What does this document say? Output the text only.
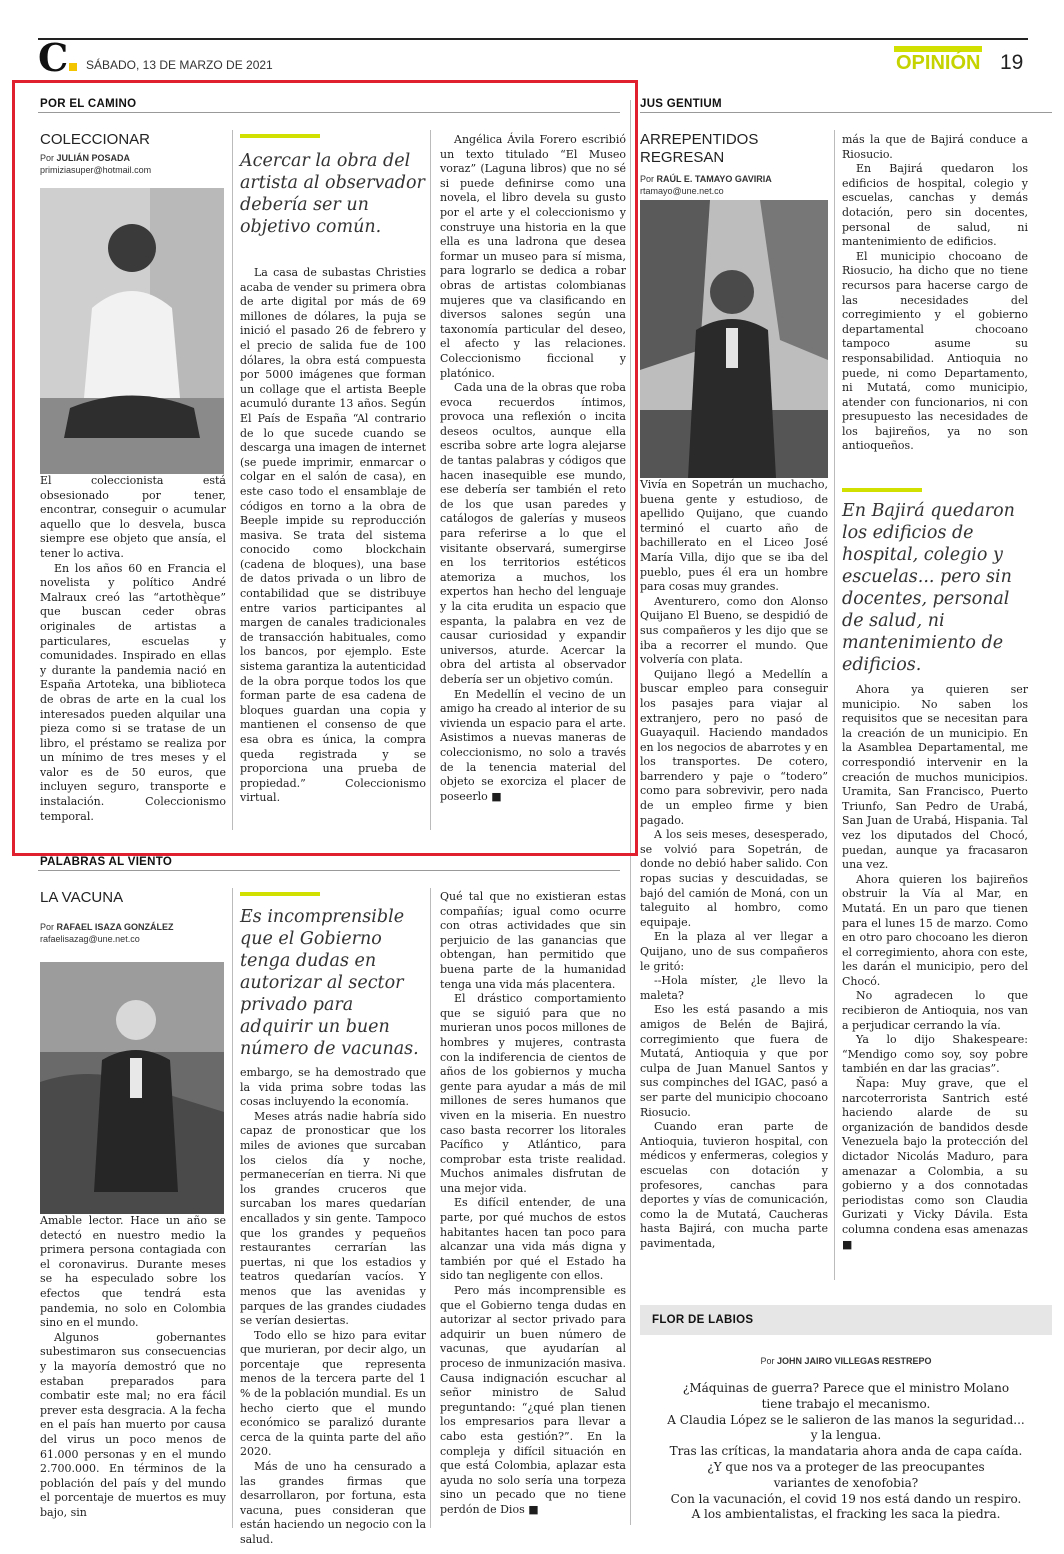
C	SÁBADO, 13 DE MARZO DE 2021	OPINIÓN 19
POR EL CAMINO
COLECCIONAR
Por JULIÁN POSADA
primiziasuper@hotmail.com

El coleccionista está obsesionado por tener, encontrar, conseguir o acumular aquello que lo desvela, busca siempre ese objeto que ansía, el tener lo activa.

En los años 60 en Francia el novelista y político André Malraux creó las “artothèque” que buscan ceder obras originales de artistas a particulares, escuelas y comunidades. Inspirado en ellas y durante la pandemia nació en España Artoteka, una biblioteca de obras de arte en la cual los interesados pueden alquilar una pieza como si se tratase de un libro, el préstamo se realiza por un mínimo de tres meses y el valor es de 50 euros, que incluyen seguro, transporte e instalación. Coleccionismo temporal.

Acercar la obra del artista al observador debería ser un objetivo común.

La casa de subastas Christies acaba de vender su primera obra de arte digital por más de 69 millones de dólares, la puja se inició el pasado 26 de febrero y el precio de salida fue de 100 dólares, la obra está compuesta por 5000 imágenes que forman un collage que el artista Beeple acumuló durante 13 años. Según El País de España “Al contrario de lo que sucede cuando se descarga una imagen de internet (se puede imprimir, enmarcar o colgar en el salón de casa), en este caso todo el ensamblaje de códigos en torno a la obra de Beeple impide su reproducción masiva. Se trata del sistema conocido como blockchain (cadena de bloques), una base de datos privada o un libro de contabilidad que se distribuye entre varios participantes al margen de canales tradicionales de transacción habituales, como los bancos, por ejemplo. Este sistema garantiza la autenticidad de la obra porque todos los que forman parte de esa cadena de bloques guardan una copia y mantienen el consenso de que esa obra es única, la compra queda registrada y se proporciona una prueba de propiedad.” Coleccionismo virtual.

Angélica Ávila Forero escribió un texto titulado “El Museo voraz” (Laguna libros) que no sé si puede definirse como una novela, el libro devela su gusto por el arte y el coleccionismo y construye una historia en la que ella es una ladrona que desea formar un museo para sí misma, para lograrlo se dedica a robar obras de artistas colombianas mujeres que va clasificando en diversos salones según una taxonomía particular del deseo, el afecto y las relaciones. Coleccionismo ficcional y platónico.

Cada una de la obras que roba evoca recuerdos íntimos, provoca una reflexión o incita deseos ocultos, aunque ella escriba sobre arte logra alejarse de tantas palabras y códigos que hacen inasequible ese mundo, ese debería ser también el reto de los que usan paredes y catálogos de galerías y museos para referirse a lo que el visitante observará, sumergirse en los territorios estéticos atemoriza a muchos, los expertos han hecho del lenguaje y la cita erudita un espacio que espanta, la palabra en vez de causar curiosidad y expandir universos, aturde. Acercar la obra del artista al observador debería ser un objetivo común.

En Medellín el vecino de un amigo ha creado al interior de su vivienda un espacio para el arte. Asistimos a nuevas maneras de coleccionismo, no solo a través de la tenencia material del objeto se exorciza el placer de poseerlo ■

PALABRAS AL VIENTO
LA VACUNA
Por RAFAEL ISAZA GONZÁLEZ
rafaelisazag@une.net.co

Amable lector. Hace un año se detectó en nuestro medio la primera persona contagiada con el coronavirus. Durante meses se ha especulado sobre los efectos que tendrá esta pandemia, no solo en Colombia sino en el mundo.

Algunos gobernantes subestimaron sus consecuencias y la mayoría demostró que no estaban preparados para combatir este mal; no era fácil prever esta desgracia. A la fecha en el país han muerto por causa del virus un poco menos de 61.000 personas y en el mundo 2.700.000. En términos de la población del país y del mundo el porcentaje de muertos es muy bajo, sin

Es incomprensible que el Gobierno tenga dudas en autorizar al sector privado para adquirir un buen número de vacunas.

embargo, se ha demostrado que la vida prima sobre todas las cosas incluyendo la economía.

Meses atrás nadie habría sido capaz de pronosticar que los miles de aviones que surcaban los cielos día y noche, permanecerían en tierra. Ni que los grandes cruceros que surcaban los mares quedarían encallados y sin gente. Tampoco que los grandes y pequeños restaurantes cerrarían las puertas, ni que los estadios y teatros quedarían vacíos. Y menos que las avenidas y parques de las grandes ciudades se verían desiertas.

Todo ello se hizo para evitar que murieran, por decir algo, un porcentaje que representa menos de la tercera parte del 1 % de la población mundial. Es un hecho cierto que el mundo económico se paralizó durante cerca de la quinta parte del año 2020.

Más de uno ha censurado a las grandes firmas que desarrollaron, por fortuna, esta vacuna, pues consideran que están haciendo un negocio con la salud.

Qué tal que no existieran estas compañías; igual como ocurre con otras actividades que sin perjuicio de las ganancias que obtengan, han permitido que buena parte de la humanidad tenga una vida más placentera.

El drástico comportamiento que se siguió para que no murieran unos pocos millones de hombres y mujeres, contrasta con la indiferencia de cientos de años de los gobiernos y mucha gente para ayudar a más de mil millones de seres humanos que viven en la miseria. En nuestro caso basta recorrer los litorales Pacífico y Atlántico, para comprobar esta triste realidad. Muchos animales disfrutan de una mejor vida.

Es difícil entender, de una parte, por qué muchos de estos habitantes hacen tan poco para alcanzar una vida más digna y también por qué el Estado ha sido tan negligente con ellos.

Pero más incomprensible es que el Gobierno tenga dudas en autorizar al sector privado para adquirir un buen número de vacunas, que ayudarían al proceso de inmunización masiva. Causa indignación escuchar al señor ministro de Salud preguntando: “¿qué plan tienen los empresarios para llevar a cabo esta gestión?”. En la compleja y difícil situación en que está Colombia, aplazar esta ayuda no solo sería una torpeza sino un pecado que no tiene perdón de Dios ■

JUS GENTIUM
ARREPENTIDOS
REGRESAN
Por RAÚL E. TAMAYO GAVIRIA
rtamayo@une.net.co

Vivía en Sopetrán un muchacho, buena gente y estudioso, de apellido Quijano, que cuando terminó el cuarto año de bachillerato en el Liceo José María Villa, dijo que se iba del pueblo, pues él era un hombre para cosas muy grandes.

Aventurero, como don Alonso Quijano El Bueno, se despidió de sus compañeros y les dijo que se iba a recorrer el mundo. Que volvería con plata.

Quijano llegó a Medellín a buscar empleo para conseguir los pasajes para viajar al extranjero, pero no pasó de Guayaquil. Haciendo mandados en los negocios de abarrotes y en los transportes. De cotero, barrendero y paje o “todero” como para sobrevivir, pero nada de un empleo firme y bien pagado.

A los seis meses, desesperado, se volvió para Sopetrán, de donde no debió haber salido. Con ropas sucias y descuidadas, se bajó del camión de Moná, con un taleguito al hombro, como equipaje.

En la plaza al ver llegar a Quijano, uno de sus compañeros le gritó:

--Hola míster, ¿le llevo la maleta?

Eso les está pasando a mis amigos de Belén de Bajirá, corregimiento que fuera de Mutatá, Antioquia y que por culpa de Juan Manuel Santos y sus compinches del IGAC, pasó a ser parte del municipio chocoano Riosucio.

Cuando eran parte de Antioquia, tuvieron hospital, con médicos y enfermeras, colegios y escuelas con dotación y profesores, canchas para deportes y vías de comunicación, como la de Mutatá, Caucheras hasta Bajirá, con mucha parte pavimentada,

más la que de Bajirá conduce a Riosucio.

En Bajirá quedaron los edificios de hospital, colegio y escuelas, canchas y demás dotación, pero sin docentes, personal de salud, ni mantenimiento de edificios.

El municipio chocoano de Riosucio, ha dicho que no tiene recursos para hacerse cargo de las necesidades del corregimiento y el gobierno departamental chocoano tampoco asume su responsabilidad. Antioquia no puede, ni como Departamento, ni Mutatá, como municipio, atender con funcionarios, ni con presupuesto las necesidades de los bajireños, ya no son antioqueños.

En Bajirá quedaron los edificios de hospital, colegio y escuelas... pero sin docentes, personal de salud, ni mantenimiento de edificios.

Ahora ya quieren ser municipio. No saben los requisitos que se necesitan para la creación de un municipio. En la Asamblea Departamental, me correspondió intervenir en la creación de muchos municipios. Uramita, San Francisco, Puerto Triunfo, San Pedro de Urabá, San Juan de Urabá, Hispania. Tal vez los diputados del Chocó, puedan, aunque ya fracasaron una vez.

Ahora quieren los bajireños obstruir la Vía al Mar, en Mutatá. En un paro que tienen para el lunes 15 de marzo. Como en otro paro chocoano les dieron el corregimiento, ahora con este, les darán el municipio, pero del Chocó.

No agradecen lo que recibieron de Antioquia, nos van a perjudicar cerrando la vía.

Ya lo dijo Shakespeare: “Mendigo como soy, soy pobre también en dar las gracias”.

Ñapa: Muy grave, que el narcoterrorista Santrich esté haciendo alarde de su organización de bandidos desde Venezuela bajo la protección del dictador Nicolás Maduro, para amenazar a Colombia, a su gobierno y a dos connotadas periodistas como son Claudia Gurizati y Vicky Dávila. Esta columna condena esas amenazas ■

FLOR DE LABIOS
Por JOHN JAIRO VILLEGAS RESTREPO
¿Máquinas de guerra? Parece que el ministro Molano
tiene trabajo el mecanismo.
A Claudia López se le salieron de las manos la seguridad...
y la lengua.
Tras las críticas, la mandataria ahora anda de capa caída.
¿Y que nos va a proteger de las preocupantes
variantes de xenofobia?
Con la vacunación, el covid 19 nos está dando un respiro.
A los ambientalistas, el fracking les saca la piedra.
